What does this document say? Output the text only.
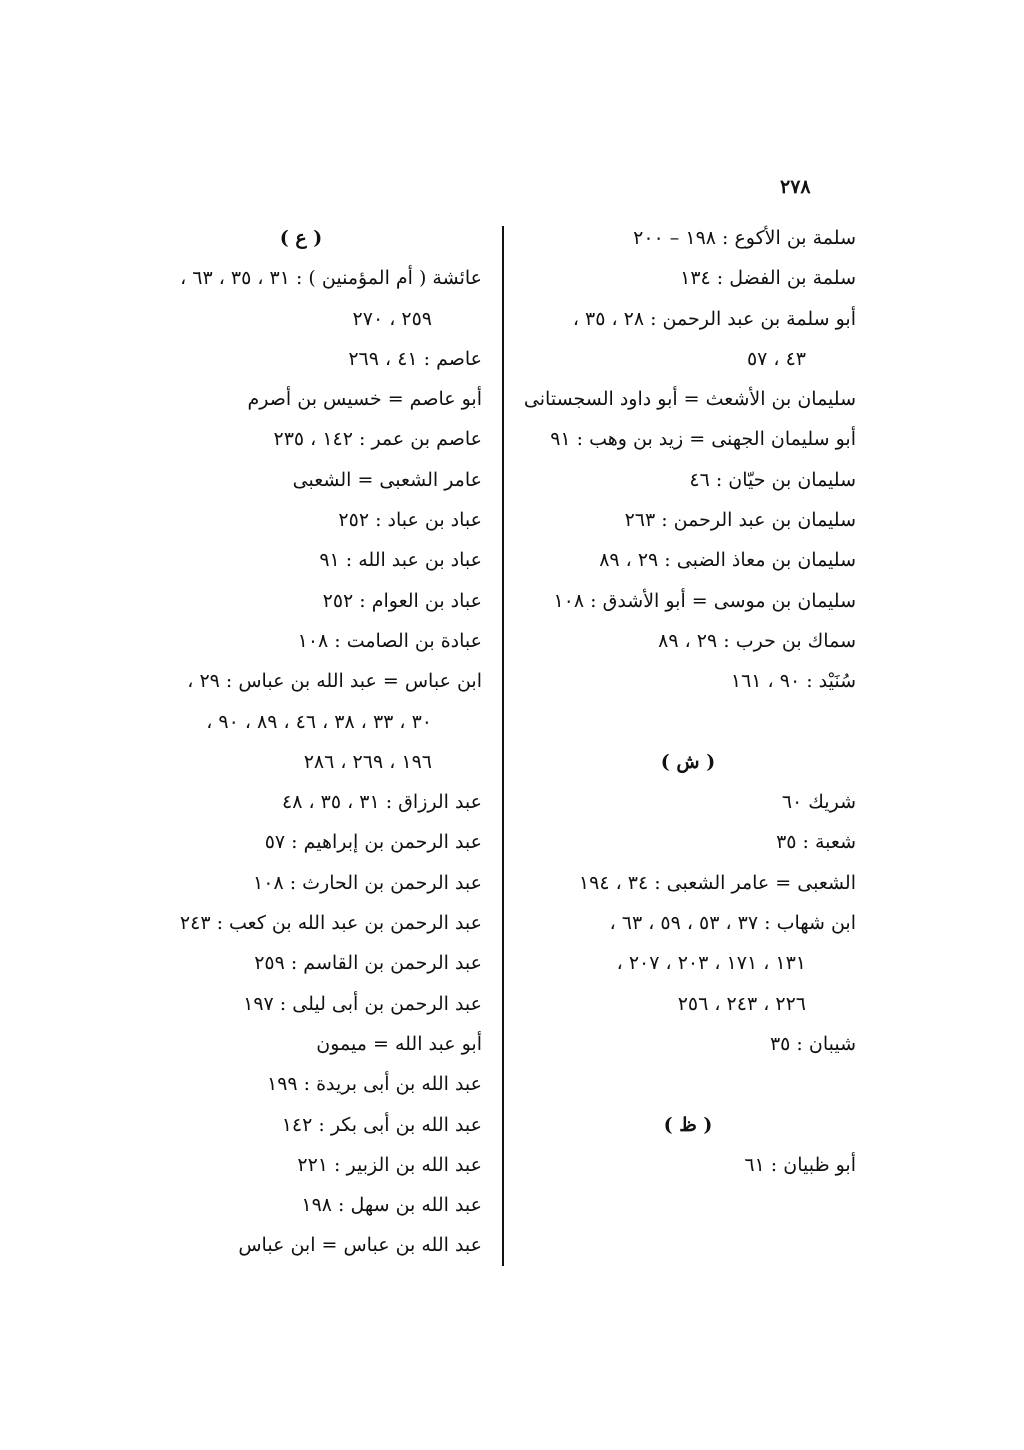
٢٧٨
سلمة بن الأكوع : ١٩٨ – ٢٠٠
سلمة بن الفضل : ١٣٤
أبو سلمة بن عبد الرحمن : ٢٨ ، ٣٥ ،
٤٣ ، ٥٧
سليمان بن الأشعث = أبو داود السجستانى
أبو سليمان الجهنى = زيد بن وهب : ٩١
سليمان بن حيّان : ٤٦
سليمان بن عبد الرحمن : ٢٦٣
سليمان بن معاذ الضبى : ٢٩ ، ٨٩
سليمان بن موسى = أبو الأشدق : ١٠٨
سماك بن حرب : ٢٩ ، ٨٩
سُنَيْد : ٩٠ ، ١٦١
( ش )
شريك ٦٠
شعبة : ٣٥
الشعبى = عامر الشعبى : ٣٤ ، ١٩٤
ابن شهاب : ٣٧ ، ٥٣ ، ٥٩ ، ٦٣ ،
١٣١ ، ١٧١ ، ٢٠٣ ، ٢٠٧ ،
٢٢٦ ، ٢٤٣ ، ٢٥٦
شيبان : ٣٥
( ظ )
أبو ظبيان : ٦١
( ع )
عائشة ( أم المؤمنين ) : ٣١ ، ٣٥ ، ٦٣ ،
٢٥٩ ، ٢٧٠
عاصم : ٤١ ، ٢٦٩
أبو عاصم = خسيس بن أصرم
عاصم بن عمر : ١٤٢ ، ٢٣٥
عامر الشعبى = الشعبى
عباد بن عباد : ٢٥٢
عباد بن عبد الله : ٩١
عباد بن العوام : ٢٥٢
عبادة بن الصامت : ١٠٨
ابن عباس = عبد الله بن عباس : ٢٩ ،
٣٠ ، ٣٣ ، ٣٨ ، ٤٦ ، ٨٩ ، ٩٠ ،
١٩٦ ، ٢٦٩ ، ٢٨٦
عبد الرزاق : ٣١ ، ٣٥ ، ٤٨
عبد الرحمن بن إبراهيم : ٥٧
عبد الرحمن بن الحارث : ١٠٨
عبد الرحمن بن عبد الله بن كعب : ٢٤٣
عبد الرحمن بن القاسم : ٢٥٩
عبد الرحمن بن أبى ليلى : ١٩٧
أبو عبد الله = ميمون
عبد الله بن أبى بريدة : ١٩٩
عبد الله بن أبى بكر : ١٤٢
عبد الله بن الزبير : ٢٢١
عبد الله بن سهل : ١٩٨
عبد الله بن عباس = ابن عباس
